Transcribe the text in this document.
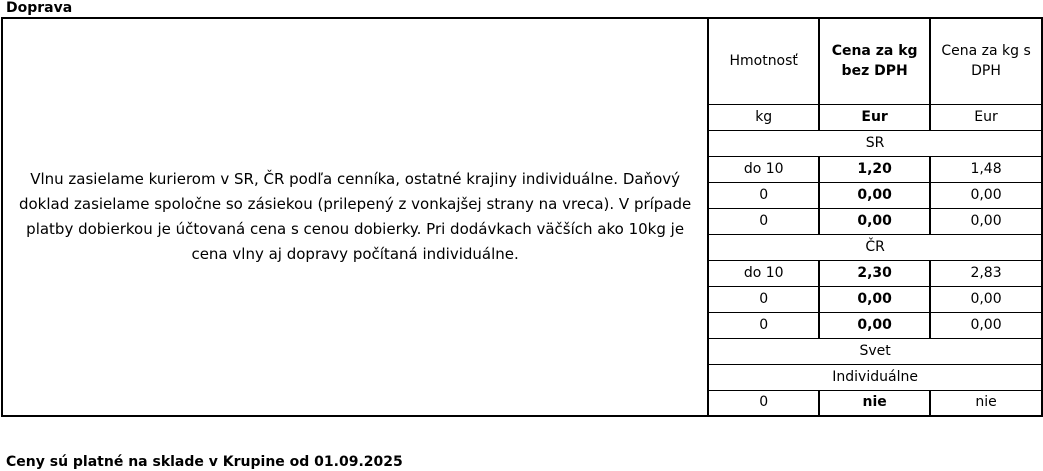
Doprava
Vlnu zasielame kurierom v SR, ČR podľa cenníka, ostatné krajiny individuálne. Daňový doklad zasielame spoločne so zásiekou (prilepený z vonkajšej strany na vreca). V prípade platby dobierkou je účtovaná cena s cenou dobierky. Pri dodávkach väčších ako 10kg je cena vlny aj dopravy počítaná individuálne.	Hmotnosť	Cena za kg bez DPH	Cena za kg s DPH
	kg	Eur	Eur
	SR		
	do 10	1,20	1,48
	0	0,00	0,00
	0	0,00	0,00
	ČR		
	do 10	2,30	2,83
	0	0,00	0,00
	0	0,00	0,00
	Svet		
	Individuálne		
	0	nie	nie
Ceny sú platné na sklade v Krupine od 01.09.2025
